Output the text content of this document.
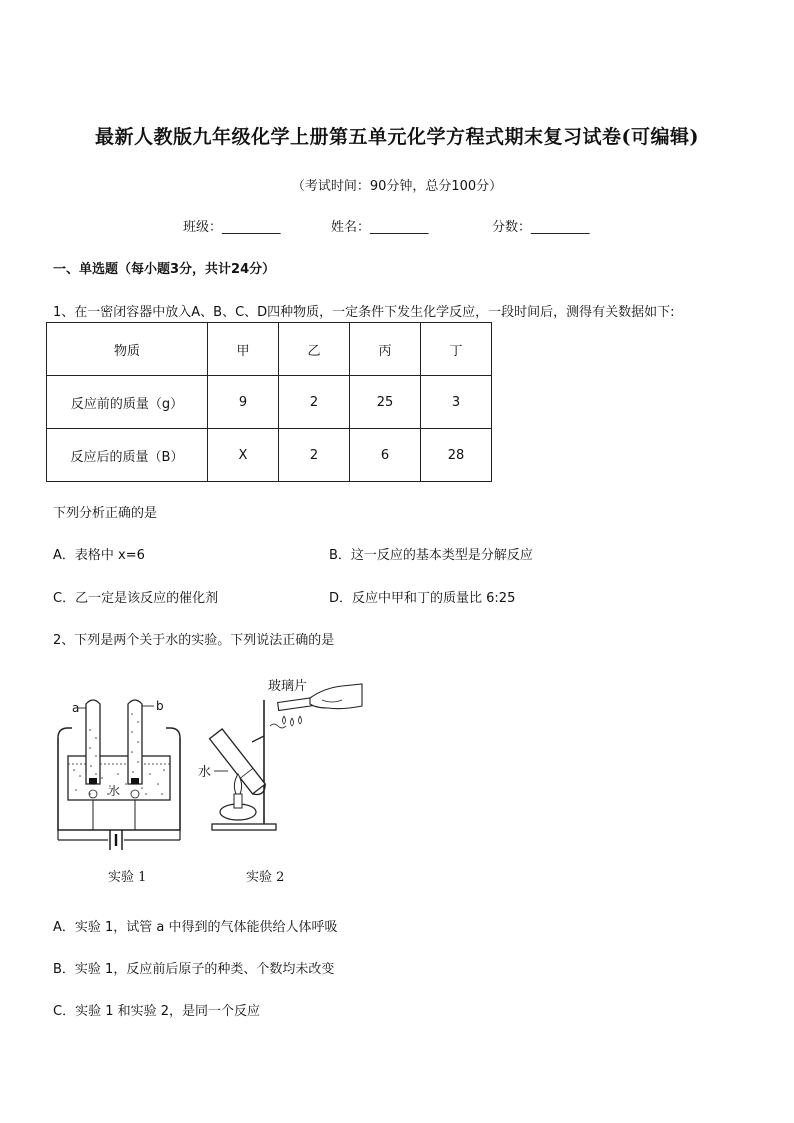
最新人教版九年级化学上册第五单元化学方程式期末复习试卷(可编辑)
（考试时间：90分钟，总分100分）
班级：_________	姓名：_________	分数：_________
一、单选题（每小题3分，共计24分）
1、在一密闭容器中放入A、B、C、D四种物质，一定条件下发生化学反应，一段时间后，测得有关数据如下:
物质	甲	乙	丙	丁
反应前的质量（g）	9	2	25	3
反应后的质量（B）	X	2	6	28
下列分析正确的是
A．表格中 x=6	B．这一反应的基本类型是分解反应
C．乙一定是该反应的催化剂	D．反应中甲和丁的质量比 6:25
2、下列是两个关于水的实验。下列说法正确的是
a	b
水
水
玻璃片
实验 1	实验 2
A．实验 1，试管 a 中得到的气体能供给人体呼吸
B．实验 1，反应前后原子的种类、个数均未改变
C．实验 1 和实验 2，是同一个反应
